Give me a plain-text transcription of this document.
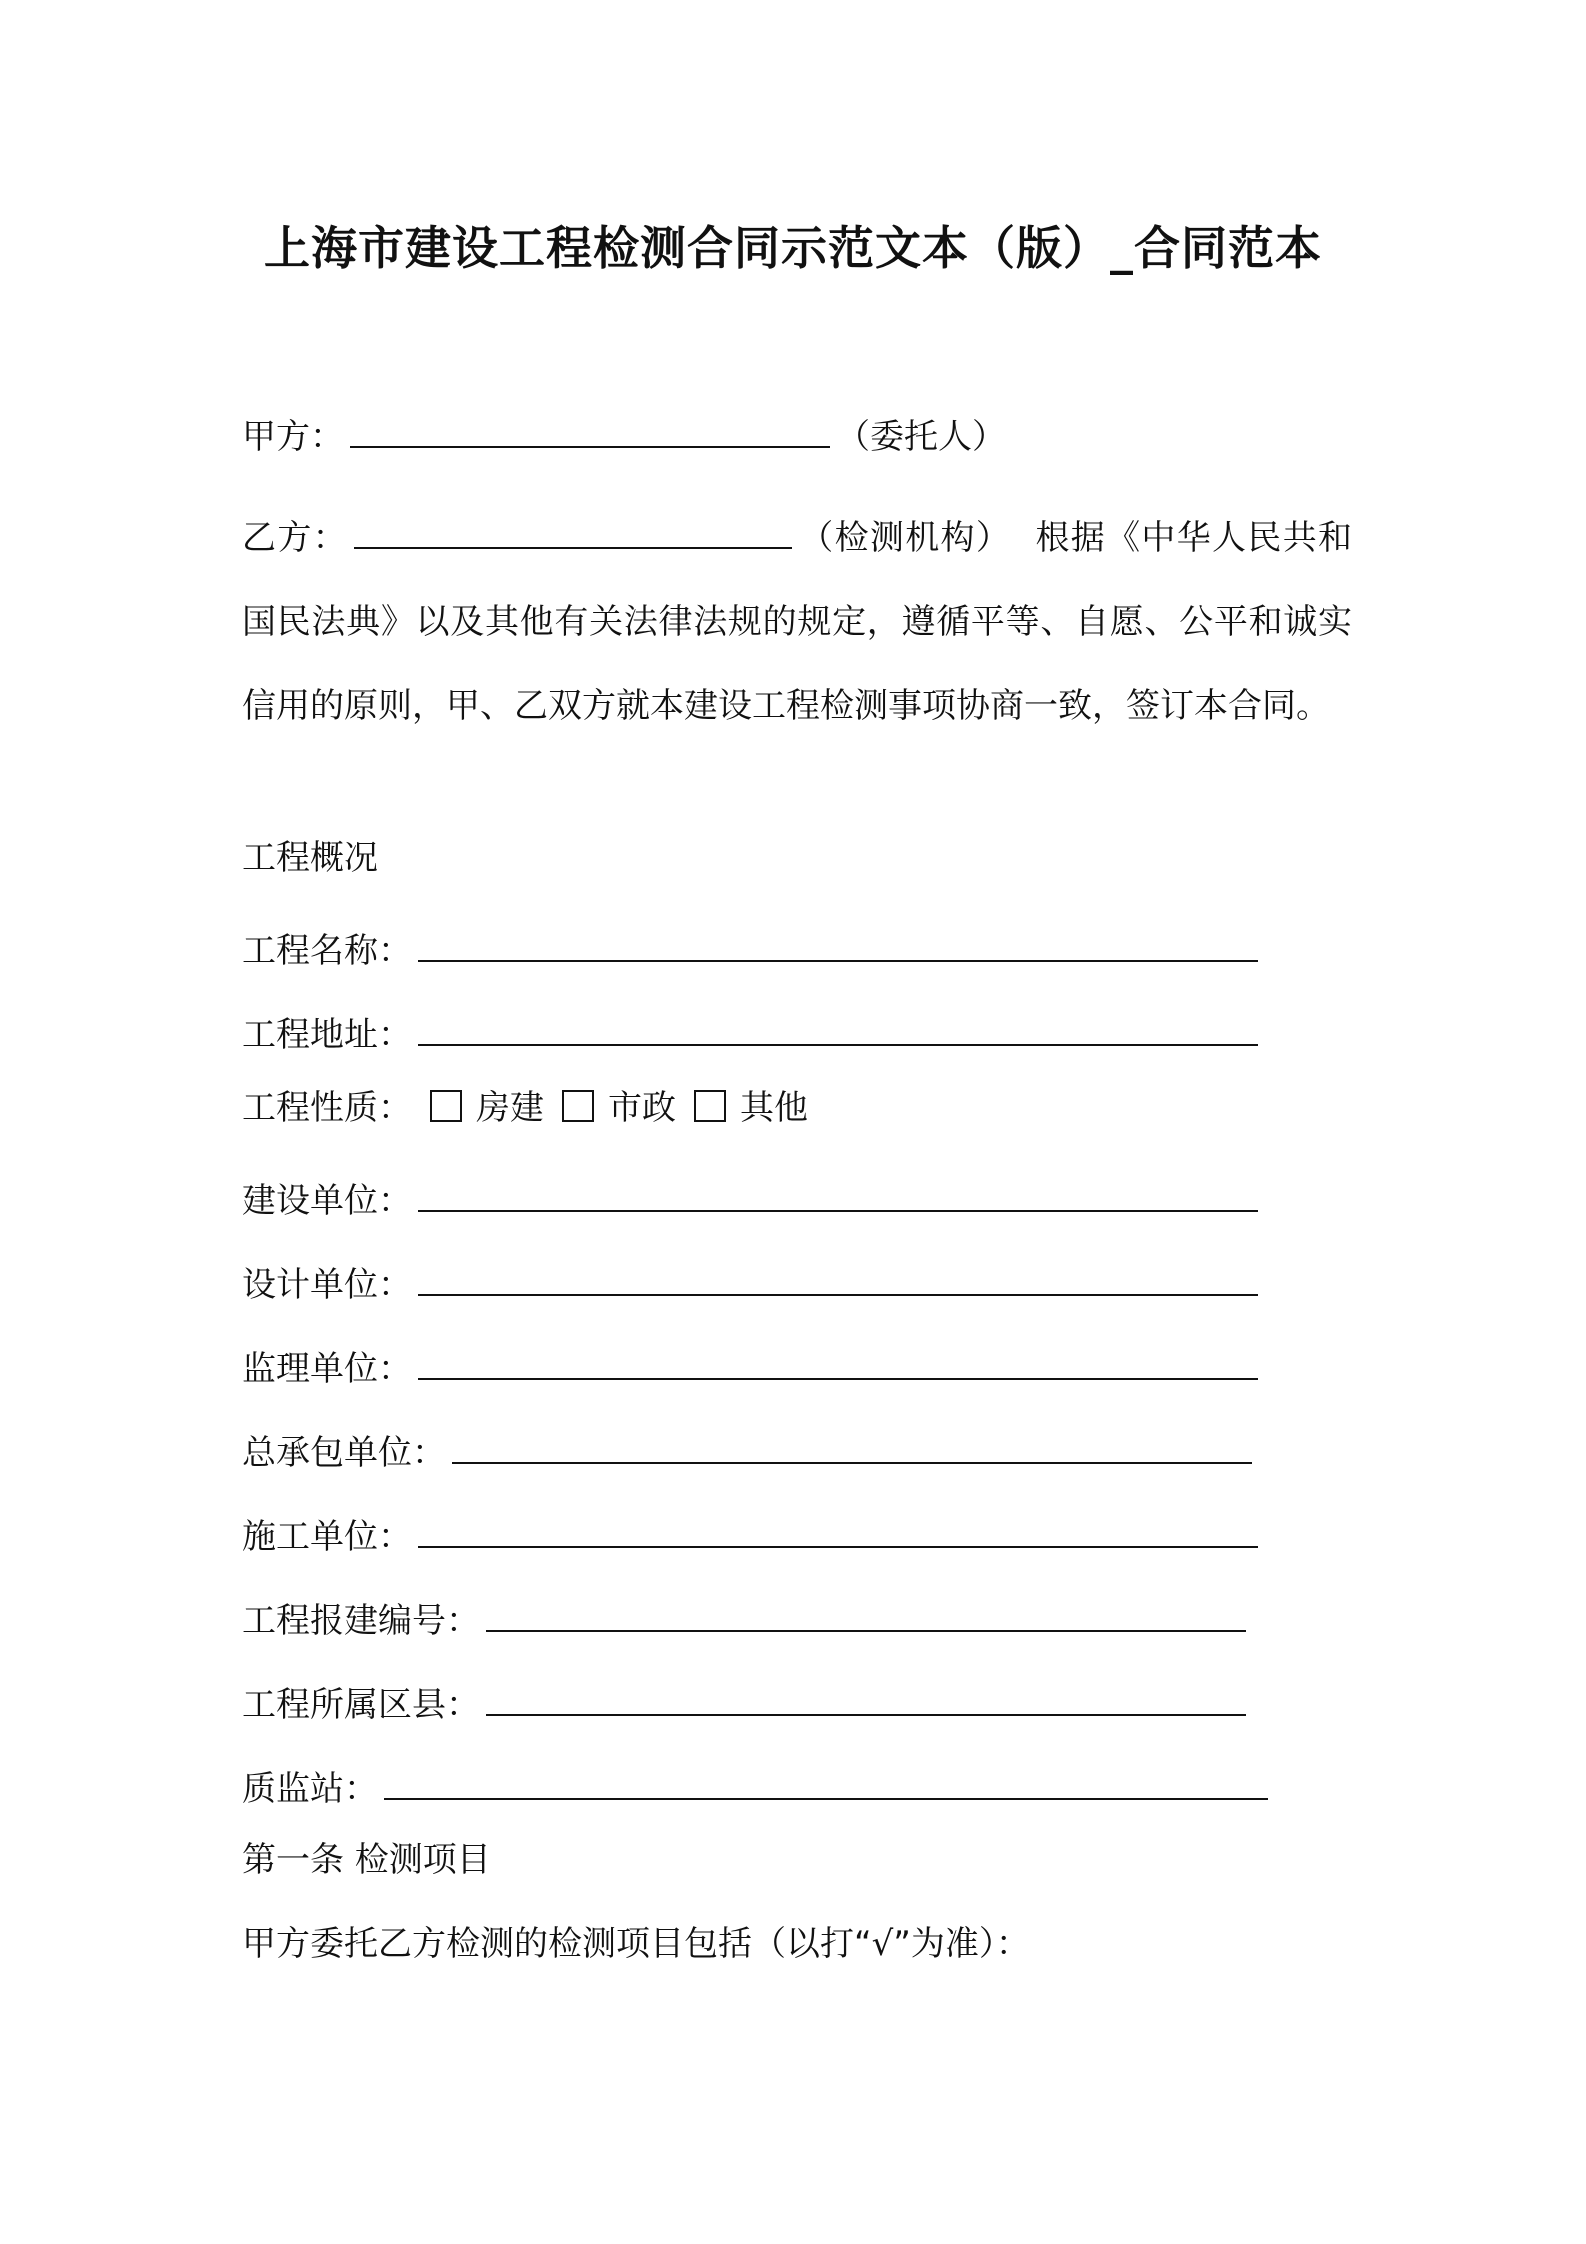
上海市建设工程检测合同示范文本（版）_合同范本
甲方：	（委托人）
乙方：	（检测机构） 根据《中华人民共和国民法典》以及其他有关法律法规的规定，遵循平等、自愿、公平和诚实信用的原则，甲、乙双方就本建设工程检测事项协商一致，签订本合同。
工程概况
工程名称：
工程地址：
工程性质： 房建 市政 其他
建设单位：
设计单位：
监理单位：
总承包单位：
施工单位：
工程报建编号：
工程所属区县：
质监站：
第一条 检测项目
甲方委托乙方检测的检测项目包括（以打“√”为准）：
